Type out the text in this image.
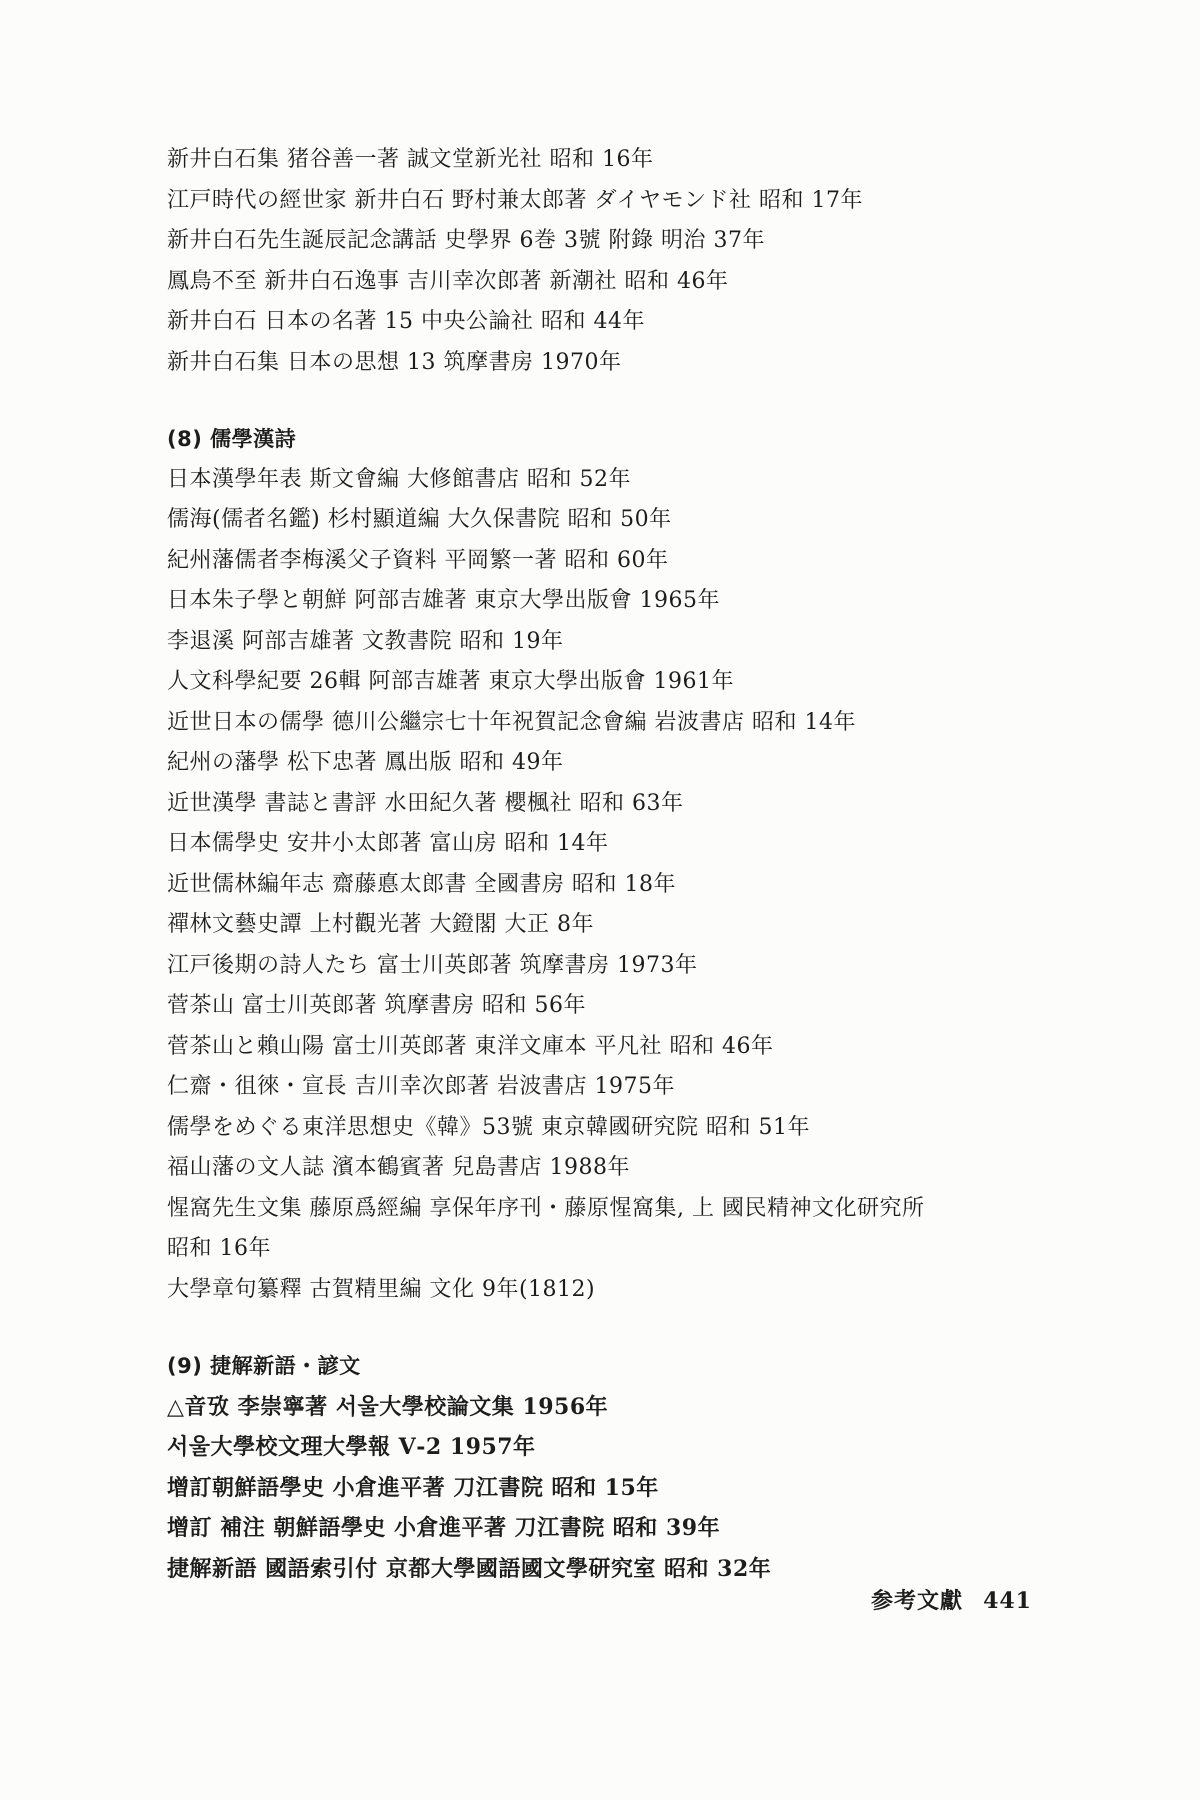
新井白石集 猪谷善一著 誠文堂新光社 昭和 16年
江戸時代の經世家 新井白石 野村兼太郎著 ダイヤモンド社 昭和 17年
新井白石先生誕辰記念講話 史學界 6巻 3號 附錄 明治 37年
鳳鳥不至 新井白石逸事 吉川幸次郎著 新潮社 昭和 46年
新井白石 日本の名著 15 中央公論社 昭和 44年
新井白石集 日本の思想 13 筑摩書房 1970年
(8) 儒學漢詩
日本漢學年表 斯文會編 大修館書店 昭和 52年
儒海(儒者名鑑) 杉村顯道編 大久保書院 昭和 50年
紀州藩儒者李梅溪父子資料 平岡繁一著 昭和 60年
日本朱子學と朝鮮 阿部吉雄著 東京大學出版會 1965年
李退溪 阿部吉雄著 文教書院 昭和 19年
人文科學紀要 26輯 阿部吉雄著 東京大學出版會 1961年
近世日本の儒學 德川公繼宗七十年祝賀記念會編 岩波書店 昭和 14年
紀州の藩學 松下忠著 鳳出版 昭和 49年
近世漢學 書誌と書評 水田紀久著 櫻楓社 昭和 63年
日本儒學史 安井小太郎著 富山房 昭和 14年
近世儒林編年志 齋藤悳太郎書 全國書房 昭和 18年
禪林文藝史譚 上村觀光著 大鐙閣 大正 8年
江戸後期の詩人たち 富士川英郎著 筑摩書房 1973年
菅茶山 富士川英郎著 筑摩書房 昭和 56年
菅茶山と賴山陽 富士川英郎著 東洋文庫本 平凡社 昭和 46年
仁齋・徂徠・宣長 吉川幸次郎著 岩波書店 1975年
儒學をめぐる東洋思想史《韓》53號 東京韓國研究院 昭和 51年
福山藩の文人誌 濱本鶴賓著 兒島書店 1988年
惺窩先生文集 藤原爲經編 享保年序刊・藤原惺窩集, 上 國民精神文化研究所
昭和 16年
大學章句纂釋 古賀精里編 文化 9年(1812)
(9) 捷解新語・諺文
△音攷 李崇寧著 서울大學校論文集 1956年
서울大學校文理大學報 Ⅴ-2 1957年
增訂朝鮮語學史 小倉進平著 刀江書院 昭和 15年
增訂 補注 朝鮮語學史 小倉進平著 刀江書院 昭和 39年
捷解新語 國語索引付 京都大學國語國文學研究室 昭和 32年
参考文獻 441
